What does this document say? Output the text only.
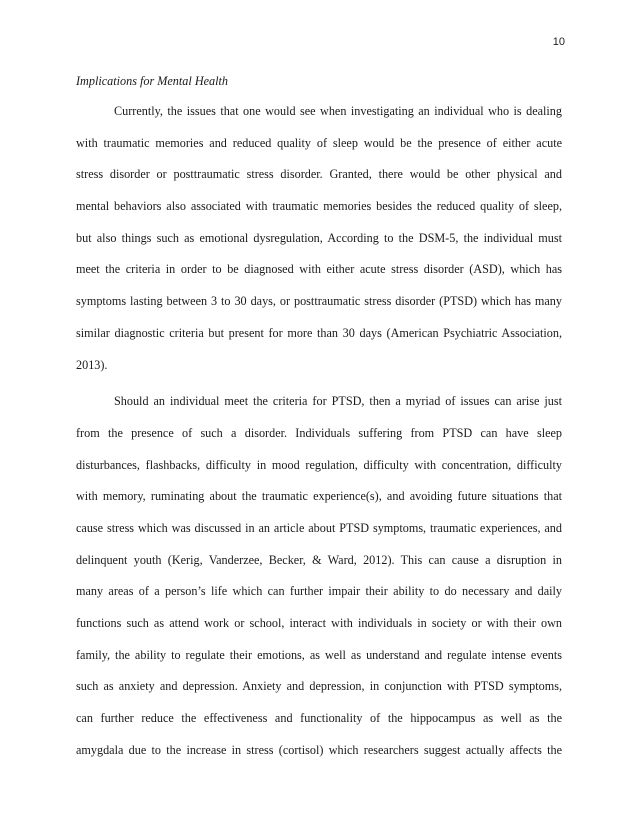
10
Implications for Mental Health
Currently, the issues that one would see when investigating an individual who is dealing
with traumatic memories and reduced quality of sleep would be the presence of either acute
stress disorder or posttraumatic stress disorder. Granted, there would be other physical and
mental behaviors also associated with traumatic memories besides the reduced quality of sleep,
but also things such as emotional dysregulation, According to the DSM-5, the individual must
meet the criteria in order to be diagnosed with either acute stress disorder (ASD), which has
symptoms lasting between 3 to 30 days, or posttraumatic stress disorder (PTSD) which has many
similar diagnostic criteria but present for more than 30 days (American Psychiatric Association,
2013).
Should an individual meet the criteria for PTSD, then a myriad of issues can arise just
from the presence of such a disorder. Individuals suffering from PTSD can have sleep
disturbances, flashbacks, difficulty in mood regulation, difficulty with concentration, difficulty
with memory, ruminating about the traumatic experience(s), and avoiding future situations that
cause stress which was discussed in an article about PTSD symptoms, traumatic experiences, and
delinquent youth (Kerig, Vanderzee, Becker, & Ward, 2012). This can cause a disruption in
many areas of a person’s life which can further impair their ability to do necessary and daily
functions such as attend work or school, interact with individuals in society or with their own
family, the ability to regulate their emotions, as well as understand and regulate intense events
such as anxiety and depression. Anxiety and depression, in conjunction with PTSD symptoms,
can further reduce the effectiveness and functionality of the hippocampus as well as the
amygdala due to the increase in stress (cortisol) which researchers suggest actually affects the
